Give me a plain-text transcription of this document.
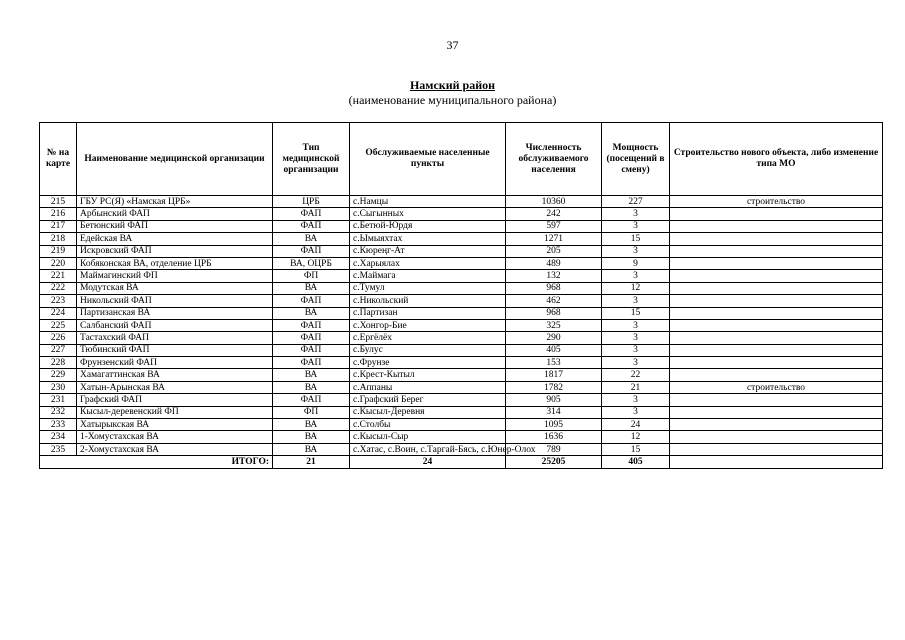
37
Намский район
(наименование муниципального района)
№ на карте	Наименование медицинской организации	Тип медицинской организации	Обслуживаемые населенные пункты	Численность обслуживаемого населения	Мощность (посещений в смену)	Строительство нового объекта, либо изменение типа МО
215	ГБУ РС(Я) «Намская ЦРБ»	ЦРБ	с.Намцы	10360	227	строительство
216	Арбынский ФАП	ФАП	с.Сыгынных	242	3	
217	Бетюнский ФАП	ФАП	с.Бетюй-Юрдя	597	3	
218	Едейская ВА	ВА	с.Ымыяхтах	1271	15	
219	Искровский ФАП	ФАП	с.Кюреңг-Ат	205	3	
220	Кобяконская ВА, отделение ЦРБ	ВА, ОЦРБ	с.Харыялах	489	9	
221	Маймагинский ФП	ФП	с.Маймага	132	3	
222	Модутская ВА	ВА	с.Тумул	968	12	
223	Никольский ФАП	ФАП	с.Никольский	462	3	
224	Партизанская ВА	ВА	с.Партизан	968	15	
225	Салбанский ФАП	ФАП	с.Хонгор-Бие	325	3	
226	Тастахский ФАП	ФАП	с.Ергёлёх	290	3	
227	Тюбинский ФАП	ФАП	с.Булус	405	3	
228	Фрунзенский ФАП	ФАП	с.Фрунзе	153	3	
229	Хамагаттинская ВА	ВА	с.Крест-Кытыл	1817	22	
230	Хатын-Арынская ВА	ВА	с.Аппаны	1782	21	строительство
231	Графский ФАП	ФАП	с.Графский Берег	905	3	
232	Кысыл-деревенский ФП	ФП	с.Кысыл-Деревня	314	3	
233	Хатырыкская ВА	ВА	с.Столбы	1095	24	
234	1-Хомустахская ВА	ВА	с.Кысыл-Сыр	1636	12	
235	2-Хомустахская ВА	ВА	с.Хатас, с.Воин, с.Таргай-Бясь, с.Юнер-Олох	789	15	
ИТОГО:		21	24	25205	405	
